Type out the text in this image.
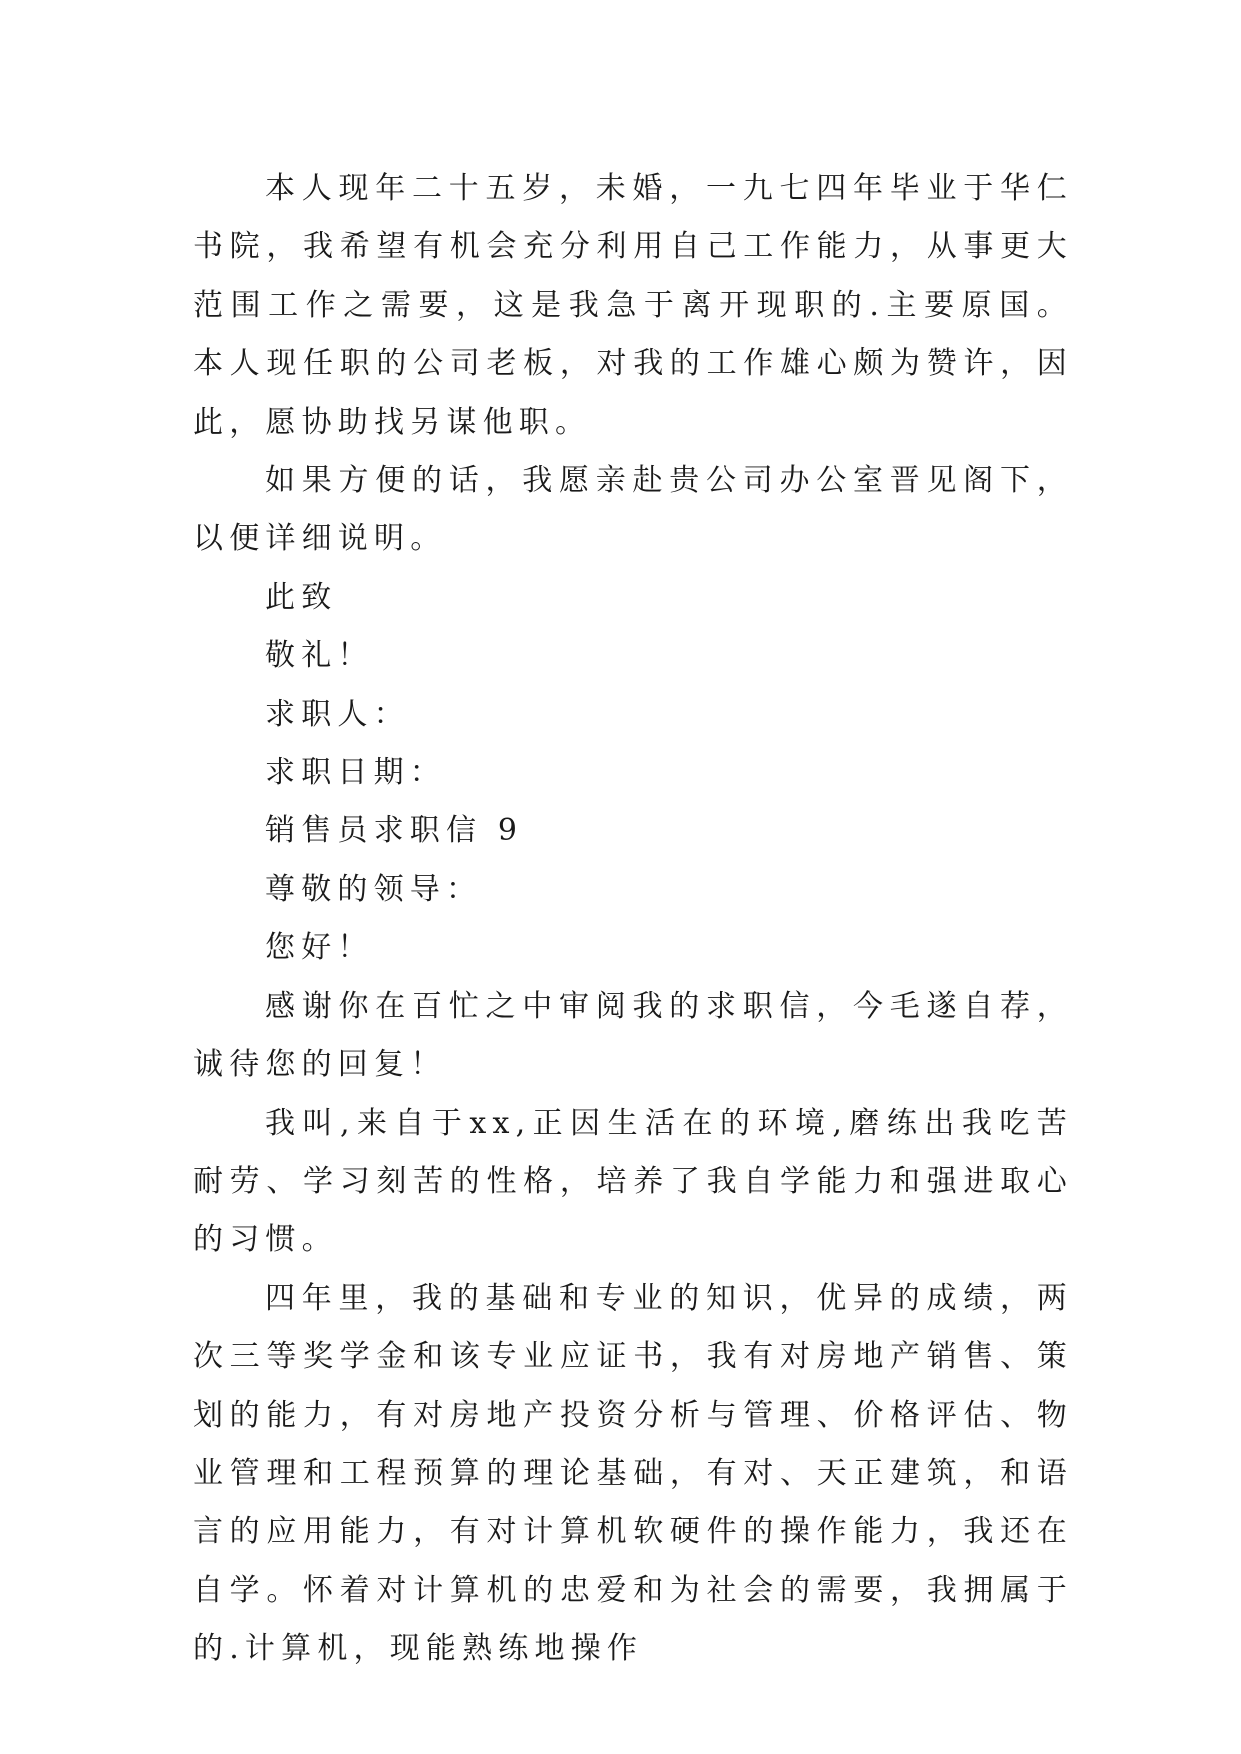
本人现年二十五岁，未婚，一九七四年毕业于华仁书院，我希望有机会充分利用自己工作能力，从事更大范围工作之需要，这是我急于离开现职的.主要原国。本人现任职的公司老板，对我的工作雄心颇为赞许，因此，愿协助找另谋他职。

如果方便的话，我愿亲赴贵公司办公室晋见阁下，以便详细说明。

此致

敬礼！

求职人：

求职日期：

销售员求职信 9

尊敬的领导：

您好！

感谢你在百忙之中审阅我的求职信，今毛遂自荐，诚待您的回复！

我叫,来自于xx,正因生活在的环境,磨练出我吃苦耐劳、学习刻苦的性格，培养了我自学能力和强进取心的习惯。

四年里，我的基础和专业的知识，优异的成绩，两次三等奖学金和该专业应证书，我有对房地产销售、策划的能力，有对房地产投资分析与管理、价格评估、物业管理和工程预算的理论基础，有对、天正建筑，和语言的应用能力，有对计算机软硬件的操作能力，我还在自学。怀着对计算机的忠爱和为社会的需要，我拥属于的.计算机，现能熟练地操作
